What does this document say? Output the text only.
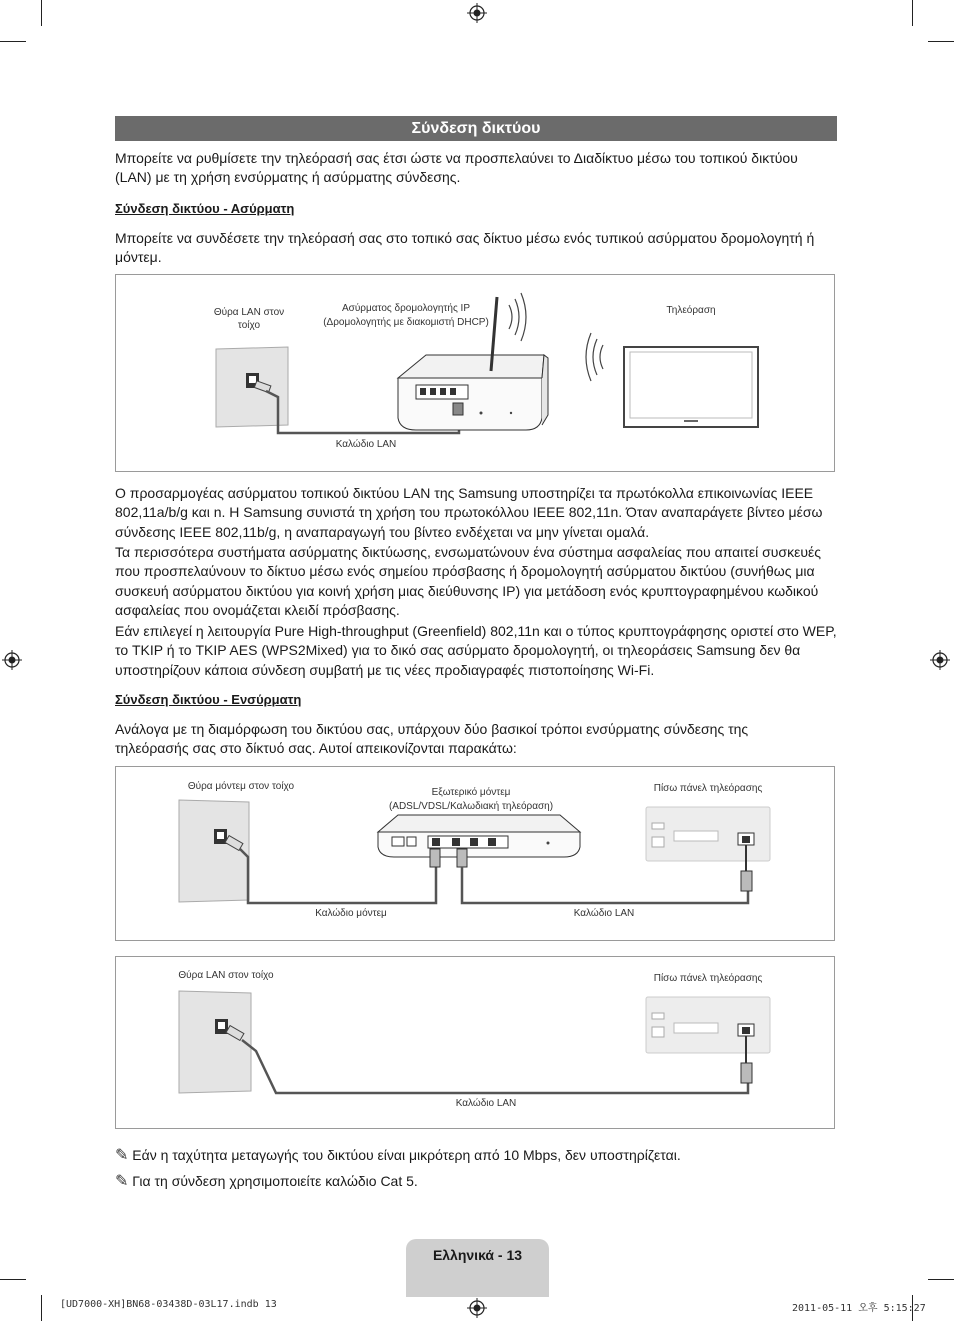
Σύνδεση δικτύου

Μπορείτε να ρυθμίσετε την τηλεόρασή σας έτσι ώστε να προσπελαύνει το Διαδίκτυο μέσω του τοπικού δικτύου (LAN) με τη χρήση ενσύρματης ή ασύρματης σύνδεσης.

Σύνδεση δικτύου - Ασύρματη

Μπορείτε να συνδέσετε την τηλεόρασή σας στο τοπικό σας δίκτυο μέσω ενός τυπικού ασύρματου δρομολογητή ή μόντεμ.

Θύρα LAN στον τοίχο
Ασύρματος δρομολογητής IP
(Δρομολογητής με διακομιστή DHCP)
Τηλεόραση
Καλώδιο LAN

Ο προσαρμογέας ασύρματου τοπικού δικτύου LAN της Samsung υποστηρίζει τα πρωτόκολλα επικοινωνίας IEEE 802,11a/b/g και n. Η Samsung συνιστά τη χρήση του πρωτοκόλλου IEEE 802,11n. Όταν αναπαράγετε βίντεο μέσω σύνδεσης IEEE 802,11b/g, η αναπαραγωγή του βίντεο ενδέχεται να μην γίνεται ομαλά.

Τα περισσότερα συστήματα ασύρματης δικτύωσης, ενσωματώνουν ένα σύστημα ασφαλείας που απαιτεί συσκευές που προσπελαύνουν το δίκτυο μέσω ενός σημείου πρόσβασης ή δρομολογητή ασύρματου δικτύου (συνήθως μια συσκευή ασύρματου δικτύου για κοινή χρήση μιας διεύθυνσης IP) για μετάδοση ενός κρυπτογραφημένου κωδικού ασφαλείας που ονομάζεται κλειδί πρόσβασης.

Εάν επιλεγεί η λειτουργία Pure High-throughput (Greenfield) 802,11n και ο τύπος κρυπτογράφησης οριστεί στο WEP, το TKIP ή το TKIP AES (WPS2Mixed) για το δικό σας ασύρματο δρομολογητή, οι τηλεοράσεις Samsung δεν θα υποστηρίζουν κάποια σύνδεση συμβατή με τις νέες προδιαγραφές πιστοποίησης Wi-Fi.

Σύνδεση δικτύου - Ενσύρματη

Ανάλογα με τη διαμόρφωση του δικτύου σας, υπάρχουν δύο βασικοί τρόποι ενσύρματης σύνδεσης της τηλεόρασής σας στο δίκτυό σας. Αυτοί απεικονίζονται παρακάτω:

Θύρα μόντεμ στον τοίχο
Εξωτερικό μόντεμ
(ADSL/VDSL/Καλωδιακή τηλεόραση)
Πίσω πάνελ τηλεόρασης
Καλώδιο μόντεμ	Καλώδιο LAN
Θύρα LAN στον τοίχο	Πίσω πάνελ τηλεόρασης
Καλώδιο LAN
✎ Εάν η ταχύτητα μεταγωγής του δικτύου είναι μικρότερη από 10 Mbps, δεν υποστηρίζεται.
✎ Για τη σύνδεση χρησιμοποιείτε καλώδιο Cat 5.
Ελληνικά - 13
[UD7000-XH]BN68-03438D-03L17.indb 13	2011-05-11 오후 5:15:27
